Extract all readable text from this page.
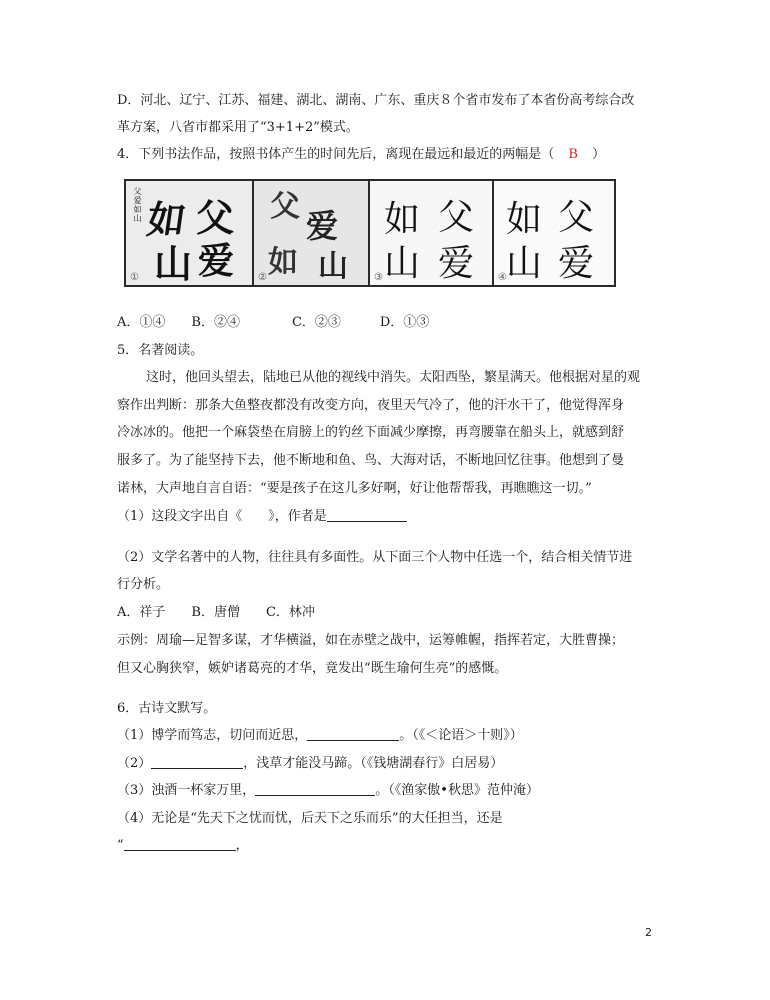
D．河北、辽宁、江苏、福建、湖北、湖南、广东、重庆８个省市发布了本省份高考综合改
革方案，八省市都采用了“3+1+2”模式。
4．下列书法作品，按照书体产生的时间先后，离现在最远和最近的两幅是（ B ）
父爱如山 如 父
山 爱
①
父
爱
如 山
②
如 父
山 爱
③
如 父
山 爱
④
A．①④　　B．②④　　　　C．②③　　　D．①③
5．名著阅读。
这时，他回头望去，陆地已从他的视线中消失。太阳西坠，繁星满天。他根据对星的观
察作出判断：那条大鱼整夜都没有改变方向，夜里天气冷了，他的汗水干了，他觉得浑身
冷冰冰的。他把一个麻袋垫在肩膀上的钓丝下面减少摩擦，再弯腰靠在船头上，就感到舒
服多了。为了能坚持下去，他不断地和鱼、鸟、大海对话，不断地回忆往事。他想到了曼
诺林，大声地自言自语：“要是孩子在这儿多好啊，好让他帮帮我，再瞧瞧这一切。”
（1）这段文字出自《　　》，作者是
（2）文学名著中的人物，往往具有多面性。从下面三个人物中任选一个，结合相关情节进
行分析。
A．祥子　　B．唐僧　　C．林冲
示例：周瑜—足智多谋，才华横溢，如在赤壁之战中，运筹帷幄，指挥若定，大胜曹操；
但又心胸狭窄，嫉妒诸葛亮的才华，竟发出“既生瑜何生亮”的感慨。
6．古诗文默写。
（1）博学而笃志，切问而近思，	。（《＜论语＞十则》）
（2）	，浅草才能没马蹄。（《钱塘湖春行》白居易）
（3）浊酒一杯家万里，	。（《渔家傲•秋思》范仲淹）
（4）无论是“先天下之忧而忧，后天下之乐而乐”的大任担当，还是
“	，
2
